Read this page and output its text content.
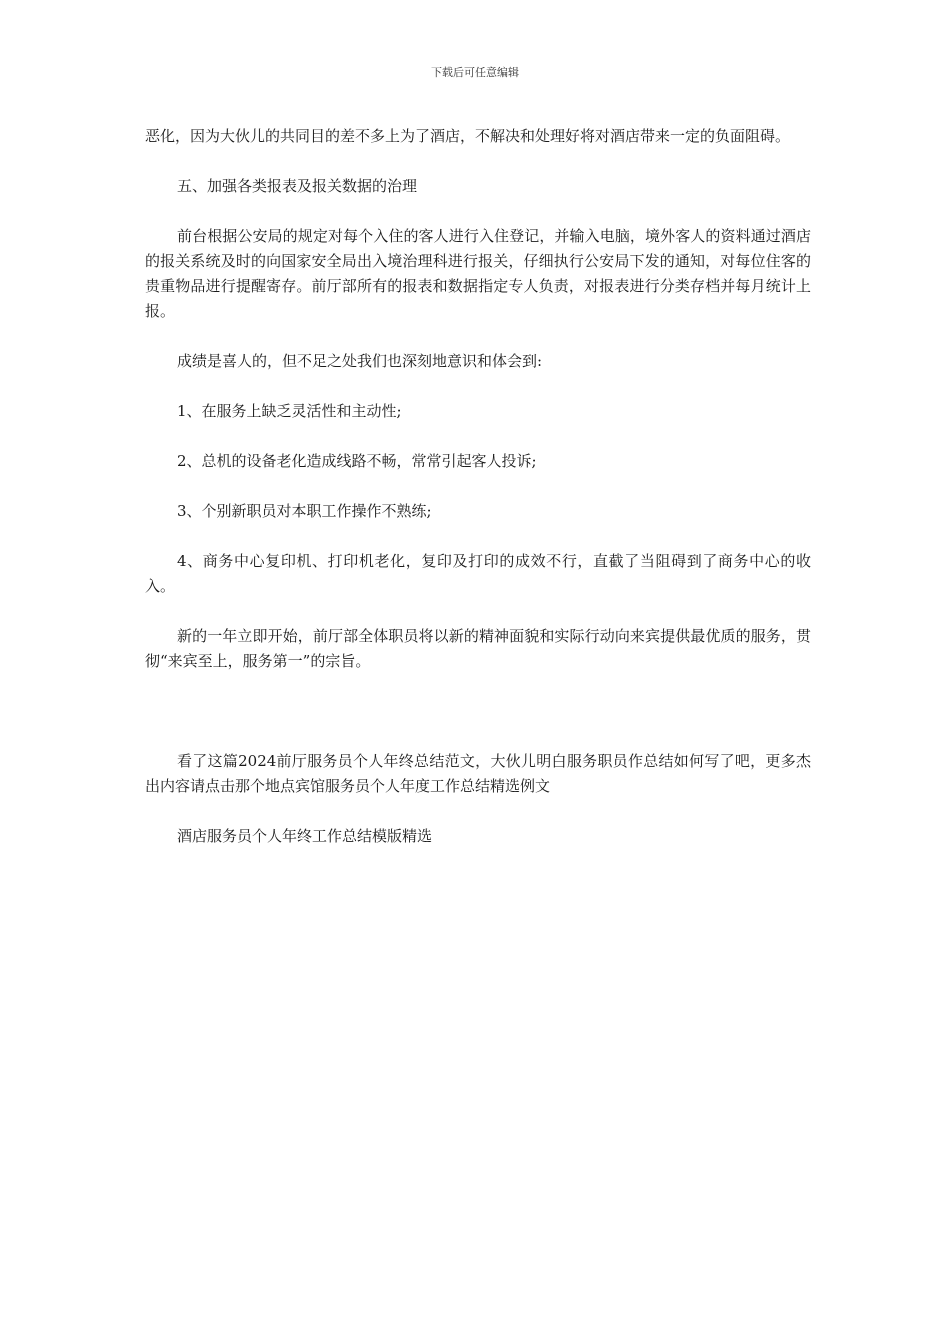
下载后可任意编辑

恶化，因为大伙儿的共同目的差不多上为了酒店，不解决和处理好将对酒店带来一定的负面阻碍。

五、加强各类报表及报关数据的治理

前台根据公安局的规定对每个入住的客人进行入住登记，并输入电脑，境外客人的资料通过酒店的报关系统及时的向国家安全局出入境治理科进行报关，仔细执行公安局下发的通知，对每位住客的贵重物品进行提醒寄存。前厅部所有的报表和数据指定专人负责，对报表进行分类存档并每月统计上报。

成绩是喜人的，但不足之处我们也深刻地意识和体会到:

1、在服务上缺乏灵活性和主动性;

2、总机的设备老化造成线路不畅，常常引起客人投诉;

3、个别新职员对本职工作操作不熟练;

4、商务中心复印机、打印机老化，复印及打印的成效不行，直截了当阻碍到了商务中心的收入。

新的一年立即开始，前厅部全体职员将以新的精神面貌和实际行动向来宾提供最优质的服务，贯彻“来宾至上，服务第一”的宗旨。

看了这篇2024前厅服务员个人年终总结范文，大伙儿明白服务职员作总结如何写了吧，更多杰出内容请点击那个地点宾馆服务员个人年度工作总结精选例文

酒店服务员个人年终工作总结模版精选
